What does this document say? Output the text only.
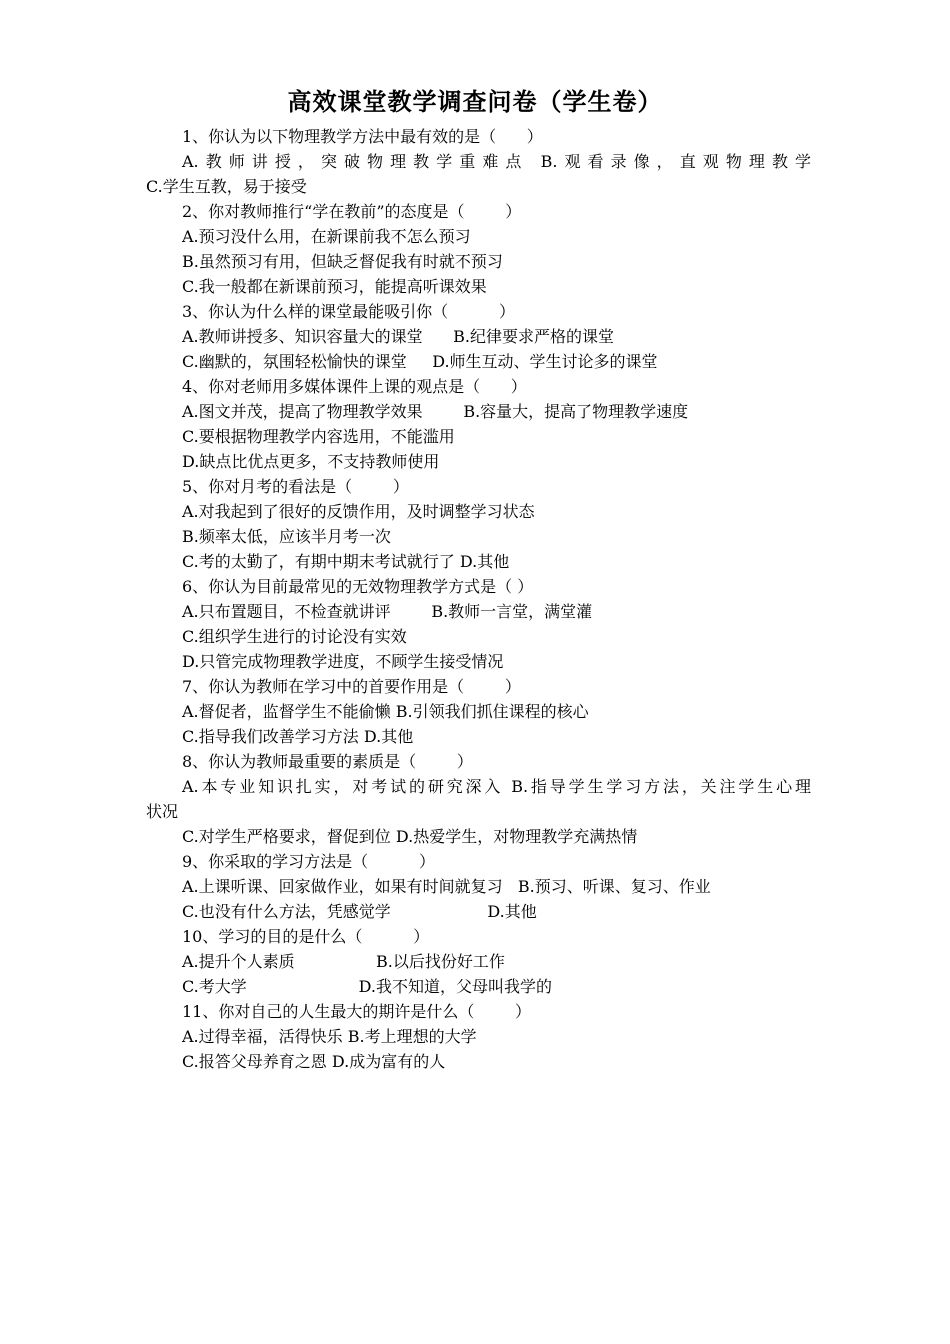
高效课堂教学调查问卷（学生卷）
1、你认为以下物理教学方法中最有效的是（      ）
A.教师讲授，突破物理教学重难点 B.观看录像，直观物理教学
C.学生互教，易于接受
2、你对教师推行“学在教前”的态度是（        ）
A.预习没什么用，在新课前我不怎么预习
B.虽然预习有用，但缺乏督促我有时就不预习
C.我一般都在新课前预习，能提高听课效果
3、你认为什么样的课堂最能吸引你（          ）
A.教师讲授多、知识容量大的课堂      B.纪律要求严格的课堂
C.幽默的，氛围轻松愉快的课堂     D.师生互动、学生讨论多的课堂
4、你对老师用多媒体课件上课的观点是（      ）
A.图文并茂，提高了物理教学效果        B.容量大，提高了物理教学速度
C.要根据物理教学内容选用，不能滥用
D.缺点比优点更多，不支持教师使用
5、你对月考的看法是（        ）
A.对我起到了很好的反馈作用，及时调整学习状态
B.频率太低，应该半月考一次
C.考的太勤了，有期中期末考试就行了 D.其他
6、你认为目前最常见的无效物理教学方式是（ ）
A.只布置题目，不检查就讲评        B.教师一言堂，满堂灌
C.组织学生进行的讨论没有实效
D.只管完成物理教学进度，不顾学生接受情况
7、你认为教师在学习中的首要作用是（        ）
A.督促者，监督学生不能偷懒 B.引领我们抓住课程的核心
C.指导我们改善学习方法 D.其他
8、你认为教师最重要的素质是（        ）
A.本专业知识扎实，对考试的研究深入 B.指导学生学习方法，关注学生心理
状况
C.对学生严格要求，督促到位 D.热爱学生，对物理教学充满热情
9、你采取的学习方法是（          ）
A.上课听课、回家做作业，如果有时间就复习   B.预习、听课、复习、作业
C.也没有什么方法，凭感觉学                   D.其他
10、学习的目的是什么（          ）
A.提升个人素质                B.以后找份好工作
C.考大学                      D.我不知道，父母叫我学的
11、你对自己的人生最大的期许是什么（        ）
A.过得幸福，活得快乐 B.考上理想的大学
C.报答父母养育之恩 D.成为富有的人
